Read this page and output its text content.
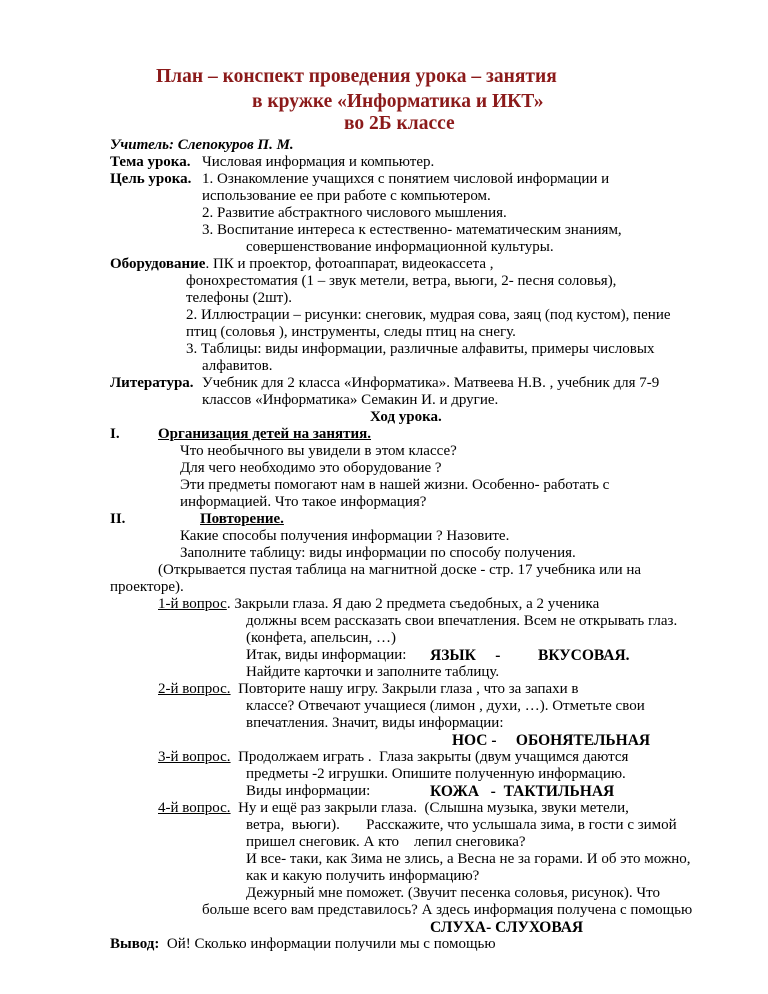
План – конспект проведения урока – занятия
в кружке «Информатика и ИКТ»
во 2Б классе
Учитель: Слепокуров П. М.
Тема урока. Числовая информация и компьютер.
Цель урока. 1. Ознакомление учащихся с понятием числовой информации и
использование ее при работе с компьютером.
2. Развитие абстрактного числового мышления.
3. Воспитание интереса к естественно- математическим знаниям,
совершенствование информационной культуры.
Оборудование. ПК и проектор, фотоаппарат, видеокассета ,
фонохрестоматия (1 – звук метели, ветра, вьюги, 2- песня соловья),
телефоны (2шт).
2. Иллюстрации – рисунки: снеговик, мудрая сова, заяц (под кустом), пение
птиц (соловья ), инструменты, следы птиц на снегу.
3. Таблицы: виды информации, различные алфавиты, примеры числовых
алфавитов.
Литература. Учебник для 2 класса «Информатика». Матвеева Н.В. , учебник для 7-9
классов «Информатика» Семакин И. и другие.
Ход урока.
I.	Организация детей на занятия.
Что необычного вы увидели в этом классе?
Для чего необходимо это оборудование ?
Эти предметы помогают нам в нашей жизни. Особенно- работать с
информацией. Что такое информация?
II.	Повторение.
Какие способы получения информации ? Назовите.
Заполните таблицу: виды информации по способу получения.
(Открывается пустая таблица на магнитной доске - стр. 17 учебника или на
проекторе).
1-й вопрос. Закрыли глаза. Я даю 2 предмета съедобных, а 2 ученика
должны всем рассказать свои впечатления. Всем не открывать глаз.
(конфета, апельсин, …)
Итак, виды информации: ЯЗЫК     - ВКУСОВАЯ.
Найдите карточки и заполните таблицу.
2-й вопрос.  Повторите нашу игру. Закрыли глаза , что за запахи в
классе? Отвечают учащиеся (лимон , духи, …). Отметьте свои
впечатления. Значит, виды информации:
НОС -     ОБОНЯТЕЛЬНАЯ
3-й вопрос.  Продолжаем играть .  Глаза закрыты (двум учащимся даются
предметы -2 игрушки. Опишите полученную информацию.
Виды информации:	КОЖА   -  ТАКТИЛЬНАЯ
4-й вопрос.  Ну и ещё раз закрыли глаза.  (Слышна музыка, звуки метели,
ветра,  вьюги).       Расскажите, что услышала зима, в гости с зимой
пришел снеговик. А кто    лепил снеговика?
И все- таки, как Зима не злись, а Весна не за горами. И об это можно,
как и какую получить информацию?
Дежурный мне поможет. (Звучит песенка соловья, рисунок). Что
больше всего вам представилось? А здесь информация получена с помощью
СЛУХА- СЛУХОВАЯ
Вывод:  Ой! Сколько информации получили мы с помощью
